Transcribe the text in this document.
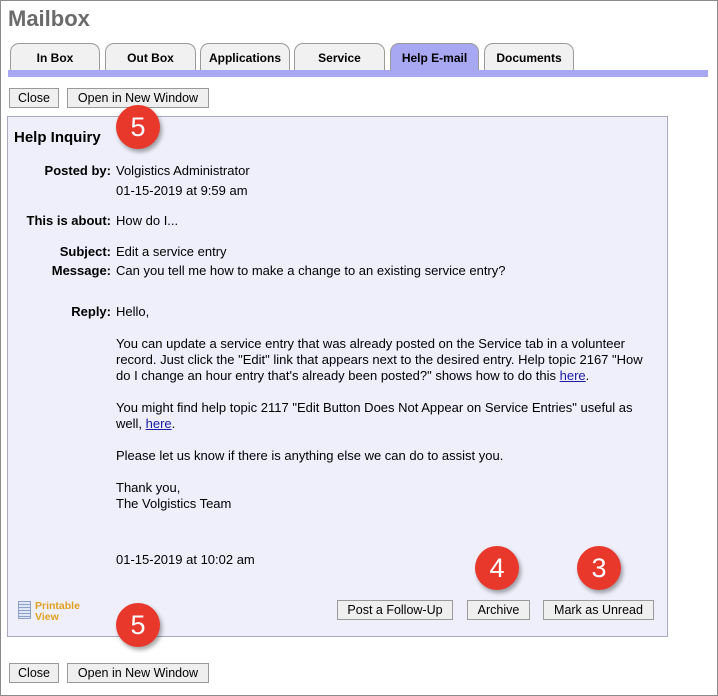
Mailbox
In Box	Out Box	Applications	Service	Help E-mail	Documents
Close	Open in New Window
Help Inquiry
Posted by: Volgistics Administrator
01-15-2019 at 9:59 am
This is about: How do I...
Subject: Edit a service entry
Message: Can you tell me how to make a change to an existing service entry?
Reply: Hello,
You can update a service entry that was already posted on the Service tab in a volunteer record. Just click the "Edit" link that appears next to the desired entry. Help topic 2167 "How do I change an hour entry that's already been posted?" shows how to do this here.
You might find help topic 2117 "Edit Button Does Not Appear on Service Entries" useful as well, here.
Please let us know if there is anything else we can do to assist you.
Thank you,
The Volgistics Team
01-15-2019 at 10:02 am
Printable
View	Post a Follow-Up	Archive	Mark as Unread
Close	Open in New Window
5
5
4	3
